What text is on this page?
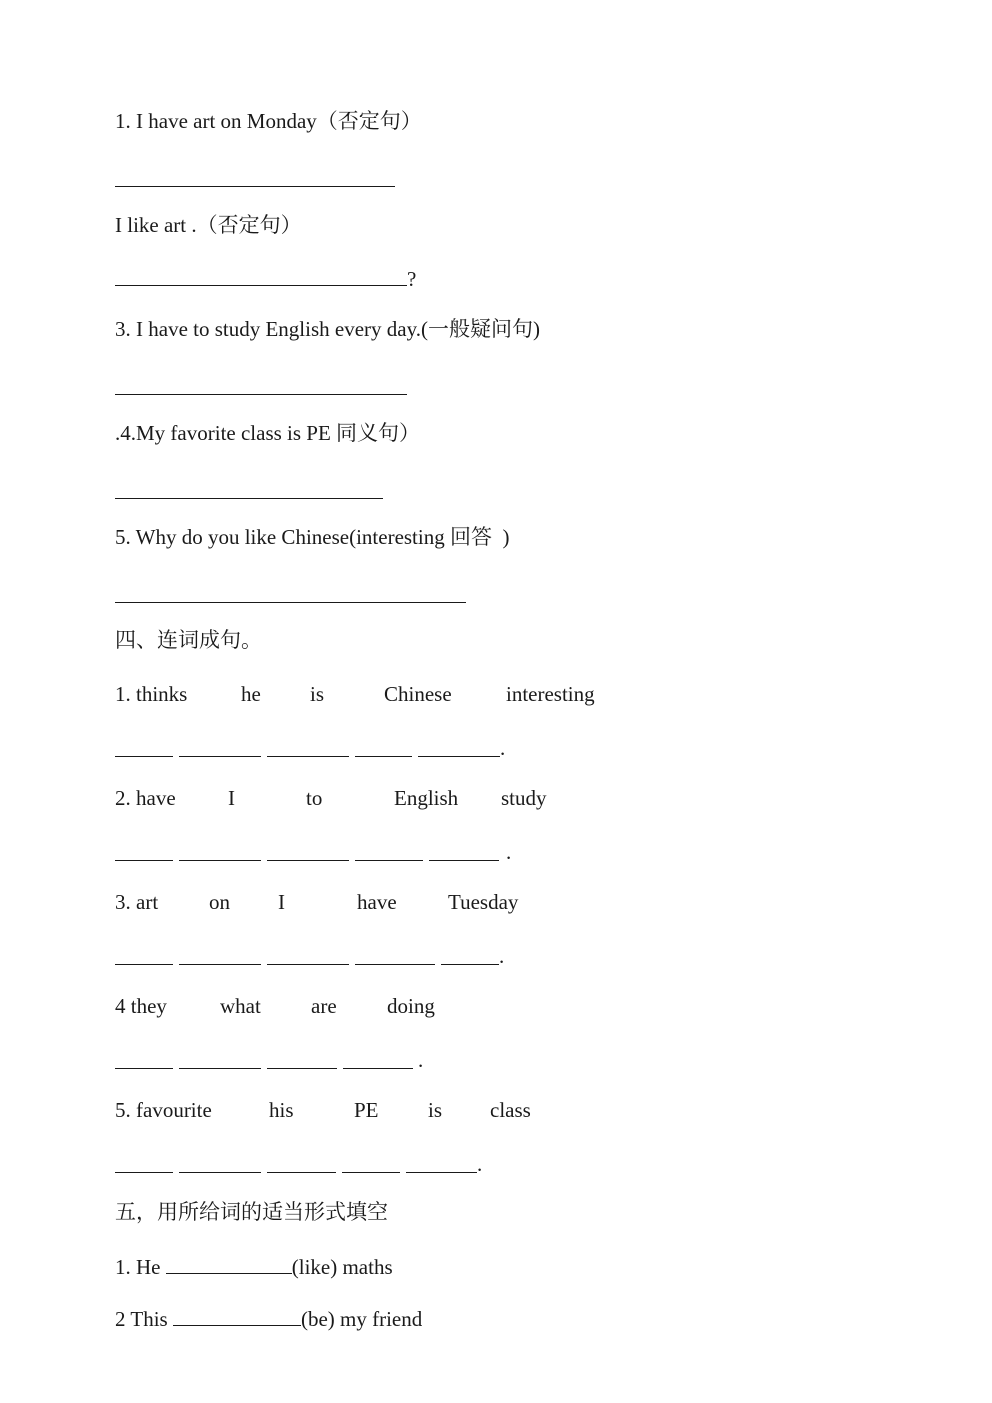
1. I have art on Monday（否定句）
I like art .（否定句）
?
3. I have to study English every day.(一般疑问句)
.4.My favorite class is PE 同义句）
5. Why do you like Chinese(interesting 回答  )
四、连词成句。
1. thinks	he is	Chinese	interesting
.
2. have I	to	English study
.
3. art on I	have Tuesday
.
4 they	what are doing
.
5. favourite	his	PE is class
.
五，用所给词的适当形式填空
1. He	(like) maths
2 This	(be) my friend
